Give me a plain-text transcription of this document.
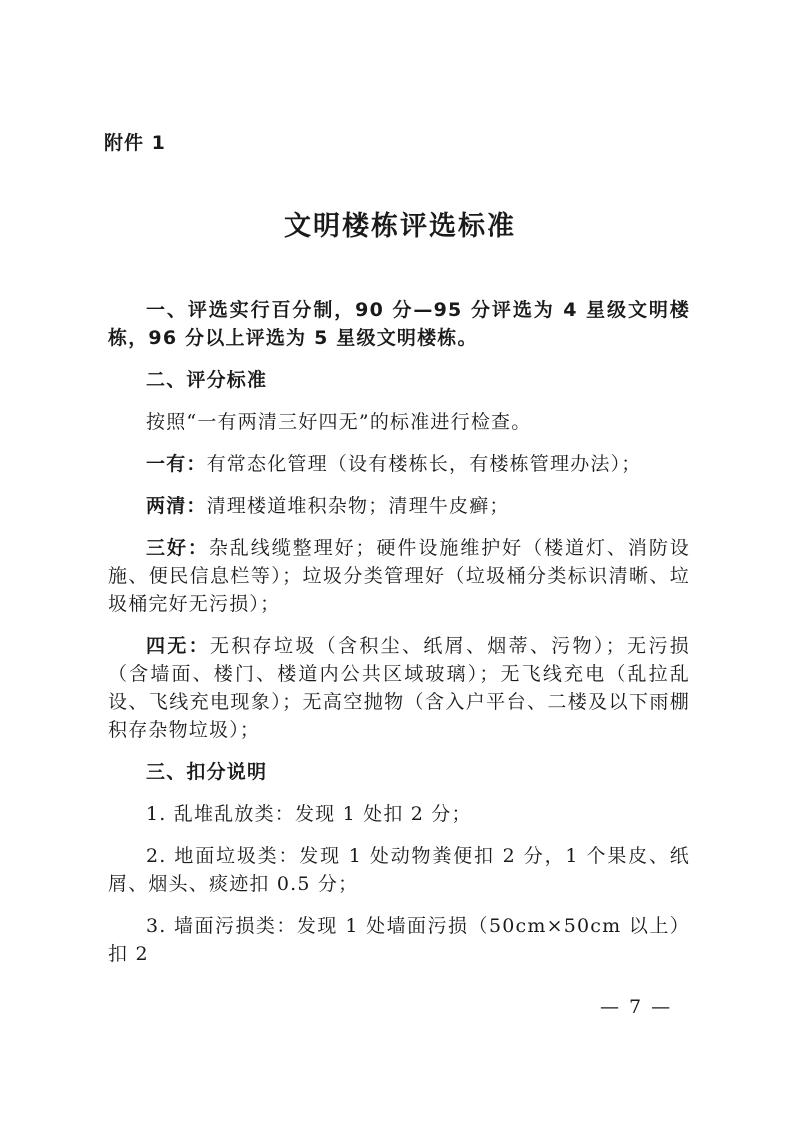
附件 1
文明楼栋评选标准

一、评选实行百分制，90 分—95 分评选为 4 星级文明楼栋，96 分以上评选为 5 星级文明楼栋。

二、评分标准

按照“一有两清三好四无”的标准进行检查。

一有：有常态化管理（设有楼栋长，有楼栋管理办法）；

两清：清理楼道堆积杂物；清理牛皮癣；

三好：杂乱线缆整理好；硬件设施维护好（楼道灯、消防设施、便民信息栏等）；垃圾分类管理好（垃圾桶分类标识清晰、垃圾桶完好无污损）；

四无：无积存垃圾（含积尘、纸屑、烟蒂、污物）；无污损（含墙面、楼门、楼道内公共区域玻璃）；无飞线充电（乱拉乱设、飞线充电现象）；无高空抛物（含入户平台、二楼及以下雨棚积存杂物垃圾）；

三、扣分说明

1. 乱堆乱放类：发现 1 处扣 2 分；

2. 地面垃圾类：发现 1 处动物粪便扣 2 分，1 个果皮、纸屑、烟头、痰迹扣 0.5 分；

3. 墙面污损类：发现 1 处墙面污损（50cm×50cm 以上）扣 2

— 7 —
